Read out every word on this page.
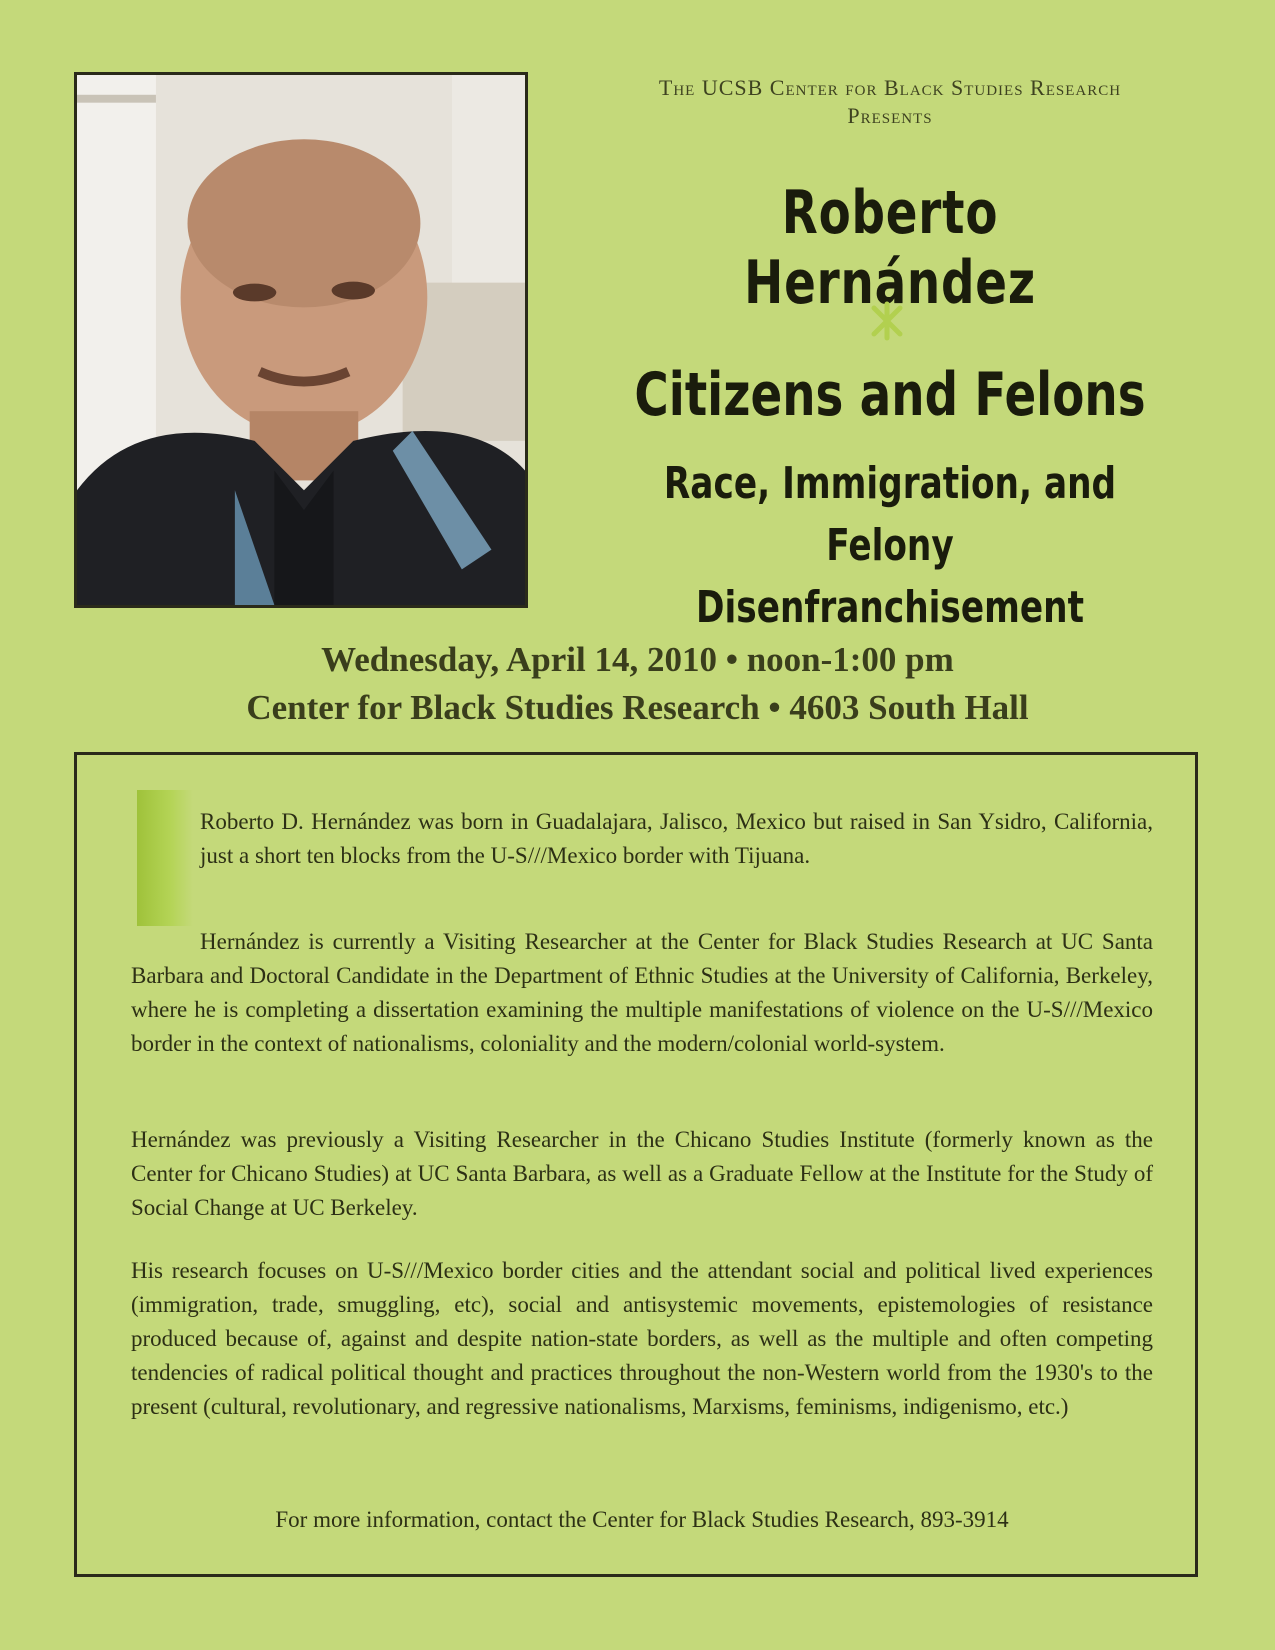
The UCSB Center for Black Studies Research
Presents
Roberto Hernández
Citizens and Felons
Race, Immigration, and Felony Disenfranchisement
Wednesday, April 14, 2010 • noon-1:00 pm
Center for Black Studies Research • 4603 South Hall

Roberto D. Hernández was born in Guadalajara, Jalisco, Mexico but raised in San Ysidro, California, just a short ten blocks from the U-S///Mexico border with Tijuana.

Hernández is currently a Visiting Researcher at the Center for Black Studies Research at UC Santa Barbara and Doctoral Candidate in the Department of Ethnic Studies at the University of California, Berkeley, where he is completing a dissertation examining the multiple manifestations of violence on the U-S///Mexico border in the context of nationalisms, coloniality and the modern/colonial world-system.

Hernández was previously a Visiting Researcher in the Chicano Studies Institute (formerly known as the Center for Chicano Studies) at UC Santa Barbara, as well as a Graduate Fellow at the Institute for the Study of Social Change at UC Berkeley.

His research focuses on U-S///Mexico border cities and the attendant social and political lived experiences (immigration, trade, smuggling, etc), social and antisystemic movements, epistemologies of resistance produced because of, against and despite nation-state borders, as well as the multiple and often competing tendencies of radical political thought and practices throughout the non-Western world from the 1930's to the present (cultural, revolutionary, and regressive nationalisms, Marxisms, feminisms, indigenismo, etc.)

For more information, contact the Center for Black Studies Research, 893-3914
